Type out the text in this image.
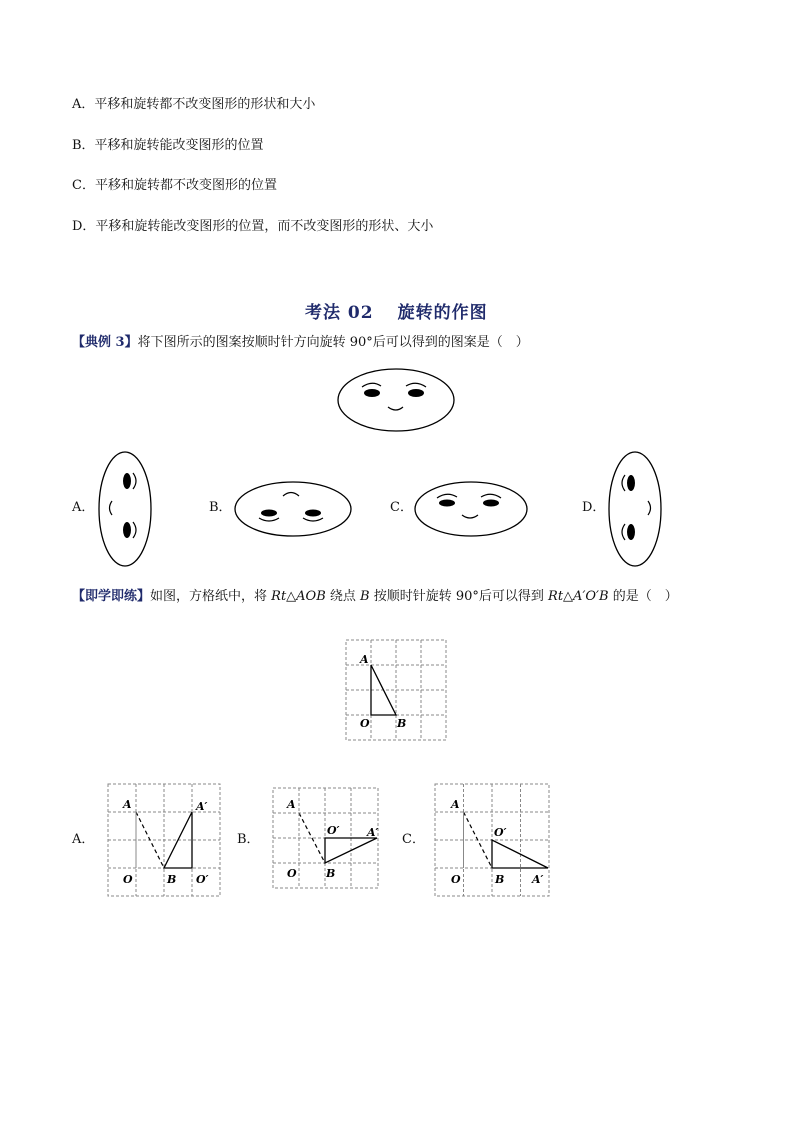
A．平移和旋转都不改变图形的形状和大小
B．平移和旋转能改变图形的位置
C．平移和旋转都不改变图形的位置
D．平移和旋转能改变图形的位置，而不改变图形的形状、大小
考法 02 旋转的作图
【典例 3】将下图所示的图案按顺时针方向旋转 90°后可以得到的图案是（　）
A．	B．	C．	D．
【即学即练】如图，方格纸中，将 Rt△AOB 绕点 B 按顺时针旋转 90°后可以得到 Rt△A′O′B 的是（　）
A
O B
A．
A	A′
O	B O′
B．
A
O′	A′
O	B
C．
A
O′
O	B	A′
